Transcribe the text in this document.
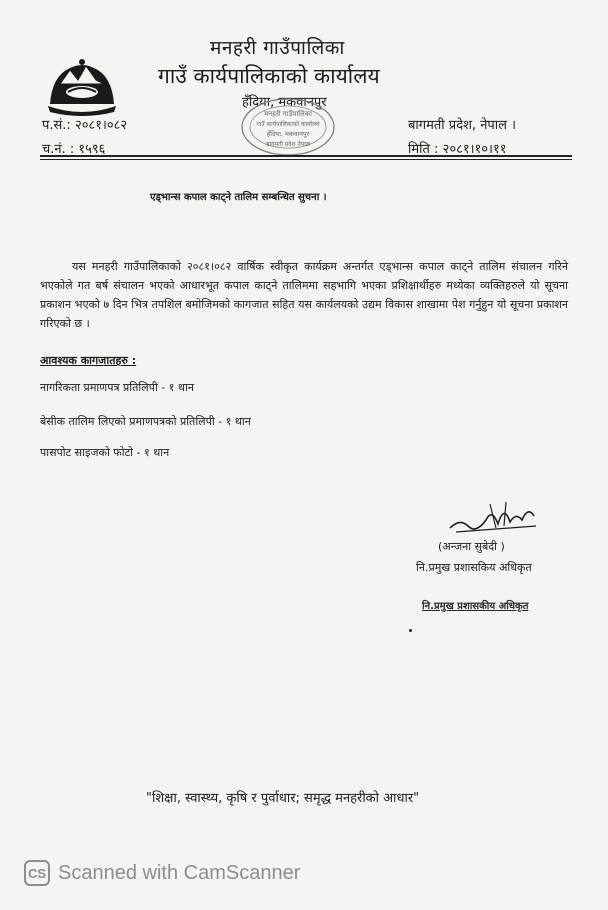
मनहरी गाउँपालिका
गाउँ कार्यपालिकाको कार्यालय
हँदिया, मकवानपुर
मनहरी गाउँपालिका
गाउँ कार्यपालिकाको कार्यालय
हँदिया, मकवानपुर
बागमती प्रदेश नेपाल
प.सं.: २०८१।०८२
च.नं. : १५९६
बागमती प्रदेश, नेपाल ।
मिति : २०८१।१०।११
एड्भान्स कपाल काट्ने तालिम सम्बन्धित सुचना ।

यस मनहरी गाउँपालिकाको २०८१।०८२ वार्षिक स्वीकृत कार्यक्रम अन्तर्गत एड्भान्स कपाल काट्ने तालिम संचालन गरिने भएकोले गत बर्ष संचालन भएको आधारभूत कपाल काट्ने तालिममा सहभागि भएका प्रशिक्षार्थीहरु मध्येका व्यक्तिहरुले यो सूचना प्रकाशन भएको ७ दिन भित्र तपशिल बमोजिमको कागजात सहित यस कार्यलयको उद्यम विकास शाखामा पेश गर्नुहुन यो सूचना प्रकाशन गरिएको छ ।

आवश्यक कागजातहरु :
नागरिकता प्रमाणपत्र प्रतिलिपी - १ थान
बेसीक तालिम लिएको प्रमाणपत्रको प्रतिलिपी - १ थान
पासपोट साइजको फोटो - १ थान
(अन्जना सुबेदी )
नि.प्रमुख प्रशासकिय अधिकृत
नि.प्रमुख प्रशासकीय अधिकृत
"शिक्षा, स्वास्थ्य, कृषि र पुर्वाधार; समृद्ध मनहरीको आधार"
CS Scanned with CamScanner
